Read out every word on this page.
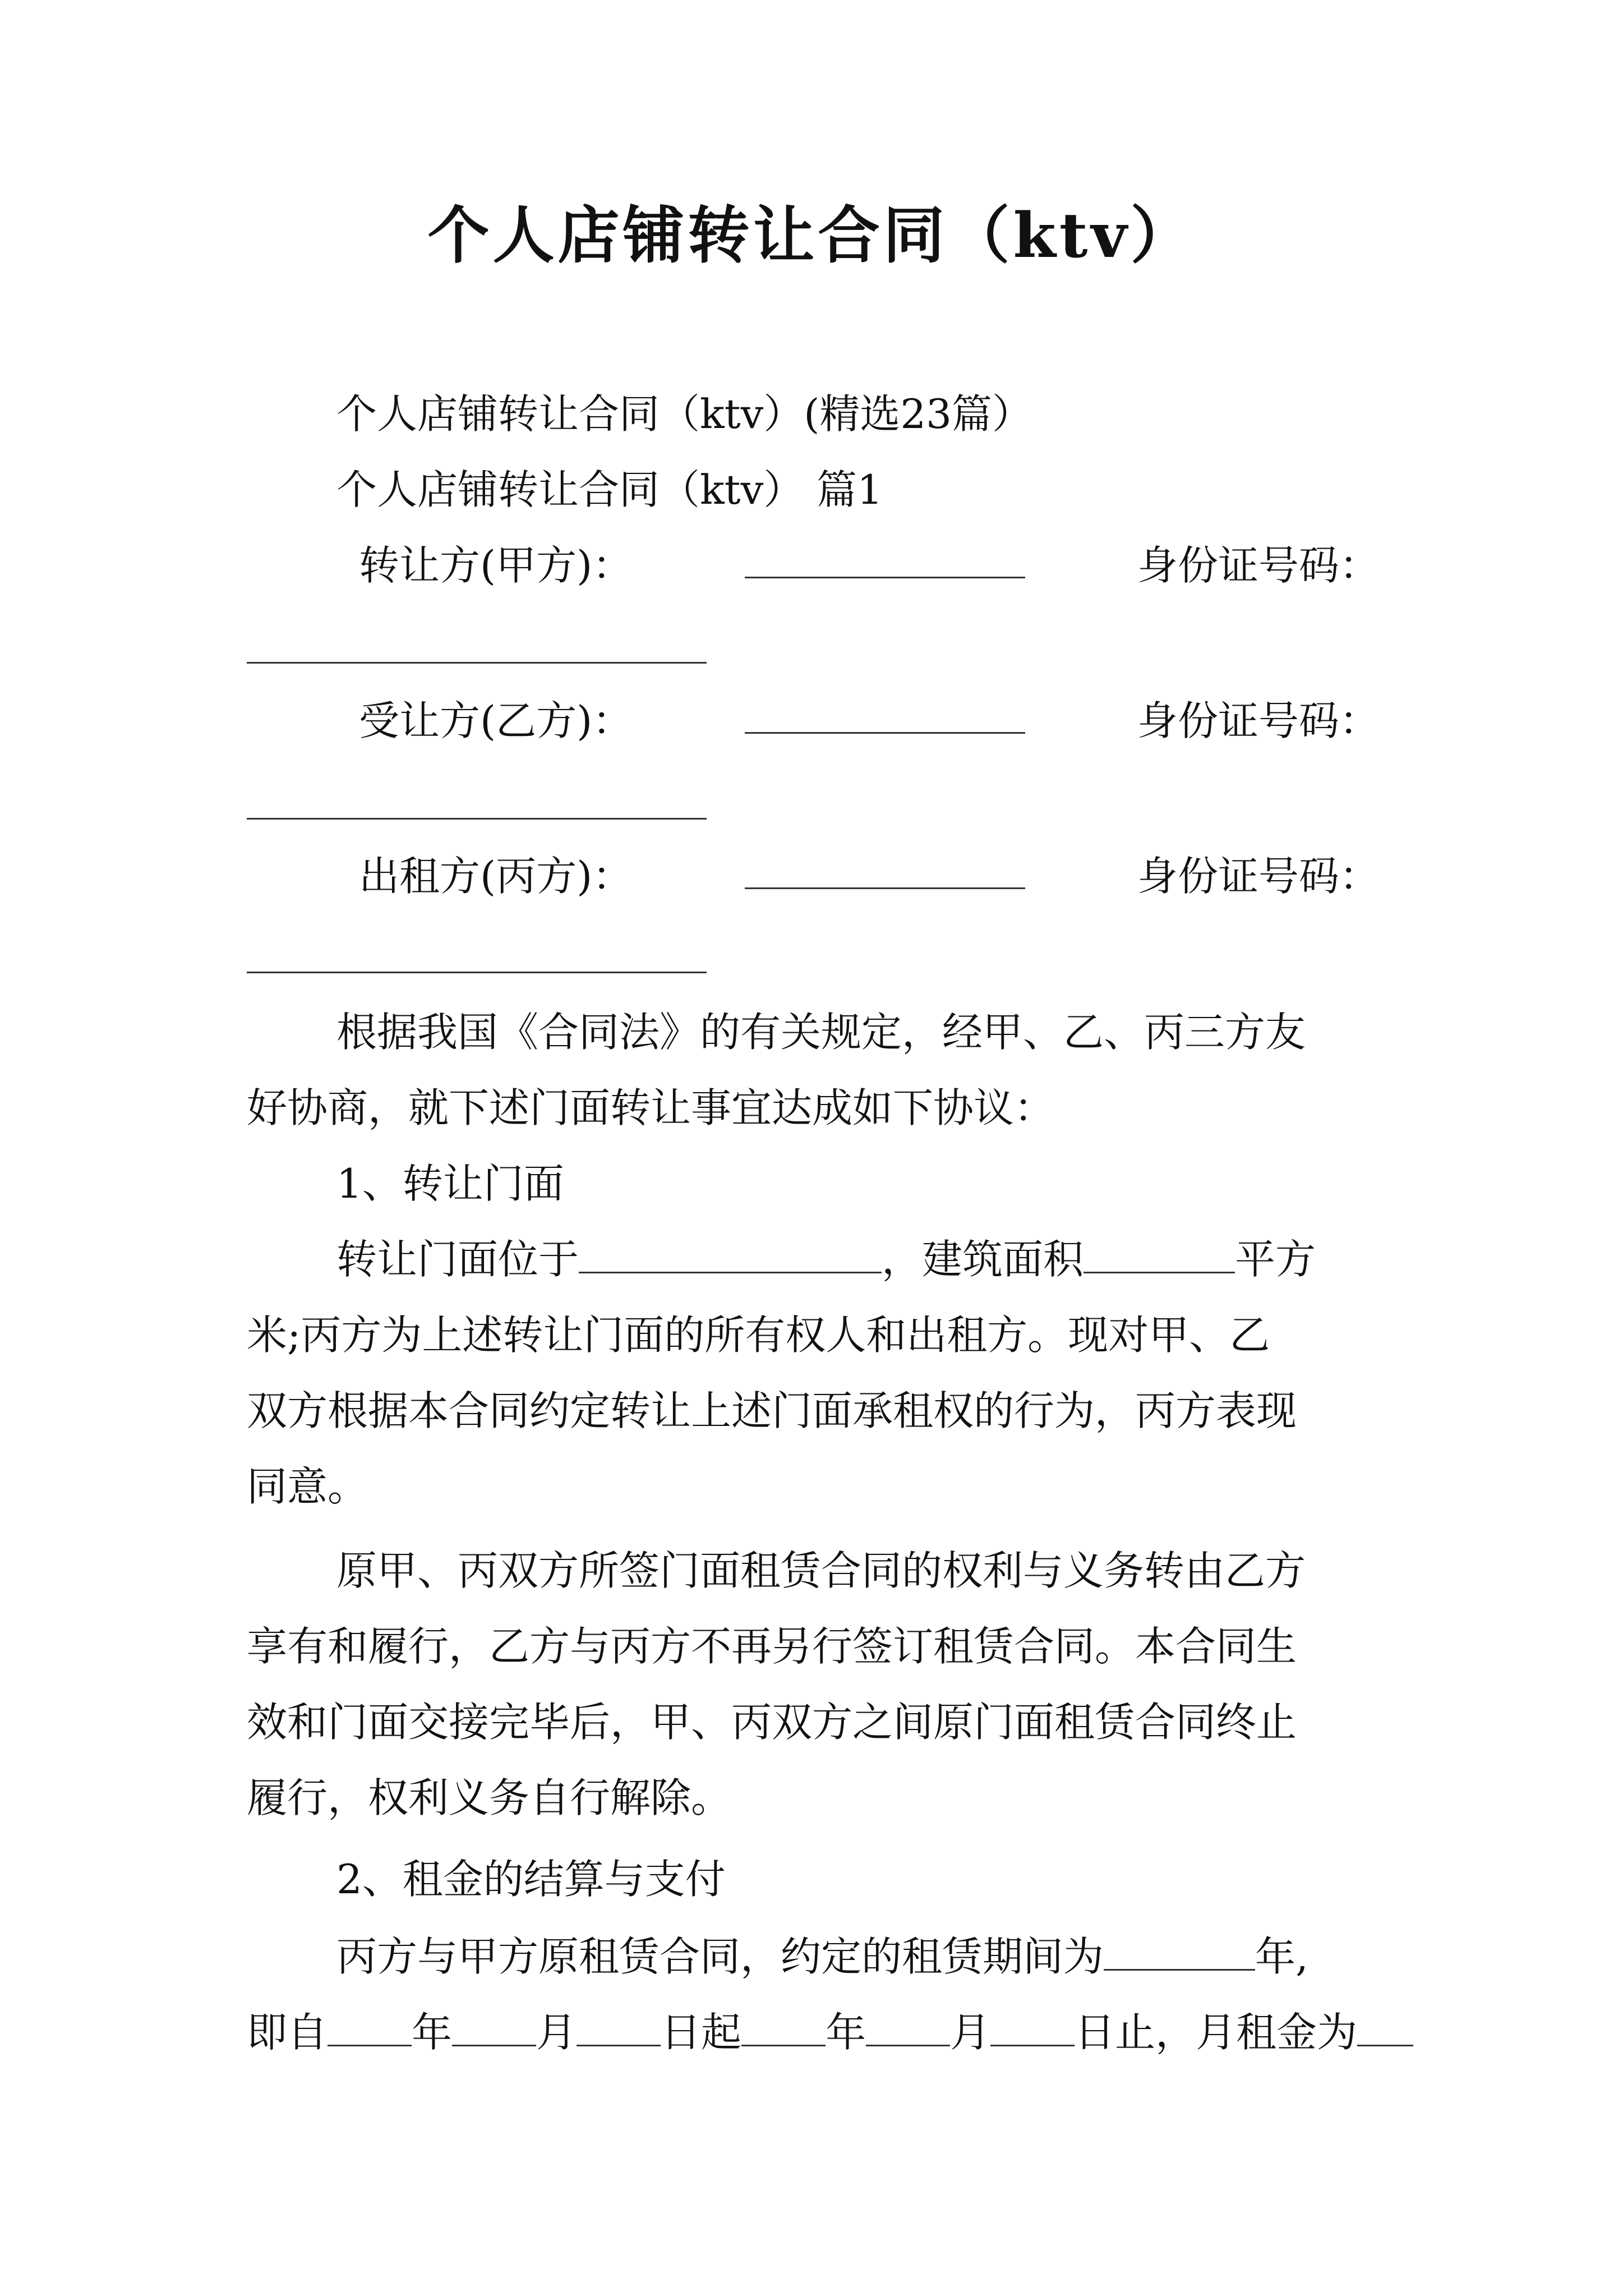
个人店铺转让合同（ktv）
个人店铺转让合同（ktv）(精选23篇）
个人店铺转让合同（ktv） 篇1
转让方(甲方)：	身份证号码：
受让方(乙方)：	身份证号码：
出租方(丙方)：	身份证号码：
根据我国《合同法》的有关规定，经甲、乙、丙三方友
好协商，就下述门面转让事宜达成如下协议：
1、转让门面
转让门面位于	，建筑面积	平方
米;丙方为上述转让门面的所有权人和出租方。现对甲、乙
双方根据本合同约定转让上述门面承租权的行为，丙方表现
同意。
原甲、丙双方所签门面租赁合同的权利与义务转由乙方
享有和履行，乙方与丙方不再另行签订租赁合同。本合同生
效和门面交接完毕后，甲、丙双方之间原门面租赁合同终止
履行，权利义务自行解除。
2、租金的结算与支付
丙方与甲方原租赁合同，约定的租赁期间为	年,
即自 年 月 日起 年 月 日止，月租金为
